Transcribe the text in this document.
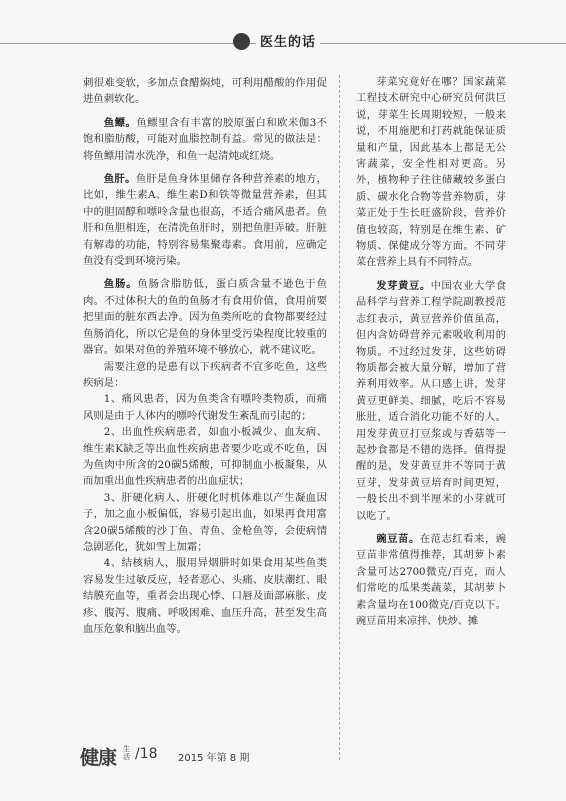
医生的话

刺很难变软，多加点食醋焖炖，可利用醋酸的作用促进鱼刺软化。

鱼鳔。鱼鳔里含有丰富的胶原蛋白和欧米伽3不饱和脂肪酸，可能对血脂控制有益。常见的做法是：将鱼鳔用清水洗净，和鱼一起清炖或红烧。

鱼肝。鱼肝是鱼身体里储存各种营养素的地方，比如，维生素A、维生素D和铁等微量营养素，但其中的胆固醇和嘌呤含量也很高，不适合痛风患者。鱼肝和鱼胆相连，在清洗鱼肝时，别把鱼胆弄破。肝脏有解毒的功能，特别容易集聚毒素。食用前，应确定鱼没有受到环境污染。

鱼肠。鱼肠含脂肪低，蛋白质含量不逊色于鱼肉。不过体积大的鱼的鱼肠才有食用价值，食用前要把里面的脏东西去净。因为鱼类所吃的食物都要经过鱼肠消化，所以它是鱼的身体里受污染程度比较重的器官。如果对鱼的养殖环境不够放心，就不建议吃。

需要注意的是患有以下疾病者不宜多吃鱼，这些疾病是：

1、痛风患者，因为鱼类含有嘌呤类物质，而痛风则是由于人体内的嘌呤代谢发生紊乱而引起的；

2、出血性疾病患者，如血小板减少、血友病、维生素K缺乏等出血性疾病患者要少吃或不吃鱼，因为鱼肉中所含的20碳5烯酸，可抑制血小板凝集，从而加重出血性疾病患者的出血症状；

3、肝硬化病人、肝硬化时机体难以产生凝血因子，加之血小板偏低，容易引起出血，如果再食用富含20碳5烯酸的沙丁鱼、青鱼、金枪鱼等，会使病情急剧恶化，犹如雪上加霜；

4、结核病人，服用异烟肼时如果食用某些鱼类容易发生过敏反应，轻者恶心、头痛、皮肤潮红、眼结膜充血等，重者会出现心悸、口唇及面部麻胀、皮疹、腹泻、腹痛、呼吸困难、血压升高，甚至发生高血压危象和脑出血等。

芽菜究竟好在哪？国家蔬菜工程技术研究中心研究员何洪巨说，芽菜生长周期较短，一般来说，不用施肥和打药就能保证质量和产量，因此基本上都是无公害蔬菜，安全性相对更高。另外，植物种子往往储藏较多蛋白质、碳水化合物等营养物质，芽菜正处于生长旺盛阶段，营养价值也较高，特别是在维生素、矿物质、保健成分等方面。不同芽菜在营养上具有不同特点。

发芽黄豆。中国农业大学食品科学与营养工程学院副教授范志红表示，黄豆营养价值虽高，但内含妨碍营养元素吸收利用的物质。不过经过发芽，这些妨碍物质都会被大量分解，增加了营养利用效率。从口感上讲，发芽黄豆更鲜美、细腻，吃后不容易胀肚，适合消化功能不好的人。用发芽黄豆打豆浆或与香菇等一起炒食都是不错的选择。值得提醒的是，发芽黄豆并不等同于黄豆芽，发芽黄豆培育时间更短，一般长出不到半厘米的小芽就可以吃了。

豌豆苗。在范志红看来，豌豆苗非常值得推荐，其胡萝卜素含量可达2700微克/百克，而人们常吃的瓜果类蔬菜，其胡萝卜素含量均在100微克/百克以下。豌豆苗用来凉拌、快炒、摊

健康 生活 /18 2015 年第 8 期
